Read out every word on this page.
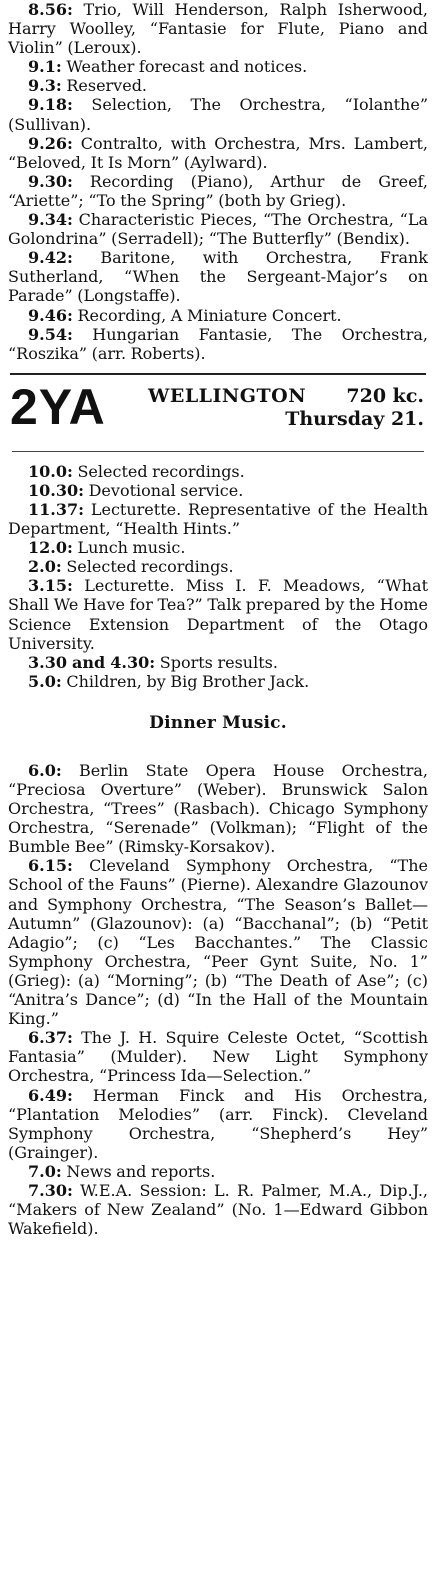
8.56: Trio, Will Henderson, Ralph Isherwood, Harry Woolley, “Fantasie for Flute, Piano and Violin” (Leroux).

9.1: Weather forecast and notices.

9.3: Reserved.

9.18: Selection, The Orchestra, “Iolanthe” (Sullivan).

9.26: Contralto, with Orchestra, Mrs. Lambert, “Beloved, It Is Morn” (Aylward).

9.30: Recording (Piano), Arthur de Greef, “Ariette”; “To the Spring” (both by Grieg).

9.34: Characteristic Pieces, “The Orchestra, “La Golondrina” (Serradell); “The Butterfly” (Bendix).

9.42: Baritone, with Orchestra, Frank Sutherland, “When the Sergeant-Major’s on Parade” (Longstaffe).

9.46: Recording, A Miniature Concert.

9.54: Hungarian Fantasie, The Orchestra, “Roszika” (arr. Roberts).

2YA WELLINGTON 720 kc.
Thursday 21.

10.0: Selected recordings.

10.30: Devotional service.

11.37: Lecturette. Representative of the Health Department, “Health Hints.”

12.0: Lunch music.

2.0: Selected recordings.

3.15: Lecturette. Miss I. F. Meadows, “What Shall We Have for Tea?” Talk prepared by the Home Science Extension Department of the Otago University.

3.30 and 4.30: Sports results.

5.0: Children, by Big Brother Jack.

Dinner Music.

6.0: Berlin State Opera House Orchestra, “Preciosa Overture” (Weber). Brunswick Salon Orchestra, “Trees” (Rasbach). Chicago Symphony Orchestra, “Serenade” (Volkman); “Flight of the Bumble Bee” (Rimsky-Korsakov).

6.15: Cleveland Symphony Orchestra, “The School of the Fauns” (Pierne). Alexandre Glazounov and Symphony Orchestra, “The Season’s Ballet—Autumn” (Glazounov): (a) “Bacchanal”; (b) “Petit Adagio”; (c) “Les Bacchantes.” The Classic Symphony Orchestra, “Peer Gynt Suite, No. 1” (Grieg): (a) “Morning”; (b) “The Death of Ase”; (c) “Anitra’s Dance”; (d) “In the Hall of the Mountain King.”

6.37: The J. H. Squire Celeste Octet, “Scottish Fantasia” (Mulder). New Light Symphony Orchestra, “Princess Ida—Selection.”

6.49: Herman Finck and His Orchestra, “Plantation Melodies” (arr. Finck). Cleveland Symphony Orchestra, “Shepherd’s Hey” (Grainger).

7.0: News and reports.

7.30: W.E.A. Session: L. R. Palmer, M.A., Dip.J., “Makers of New Zealand” (No. 1—Edward Gibbon Wakefield).
